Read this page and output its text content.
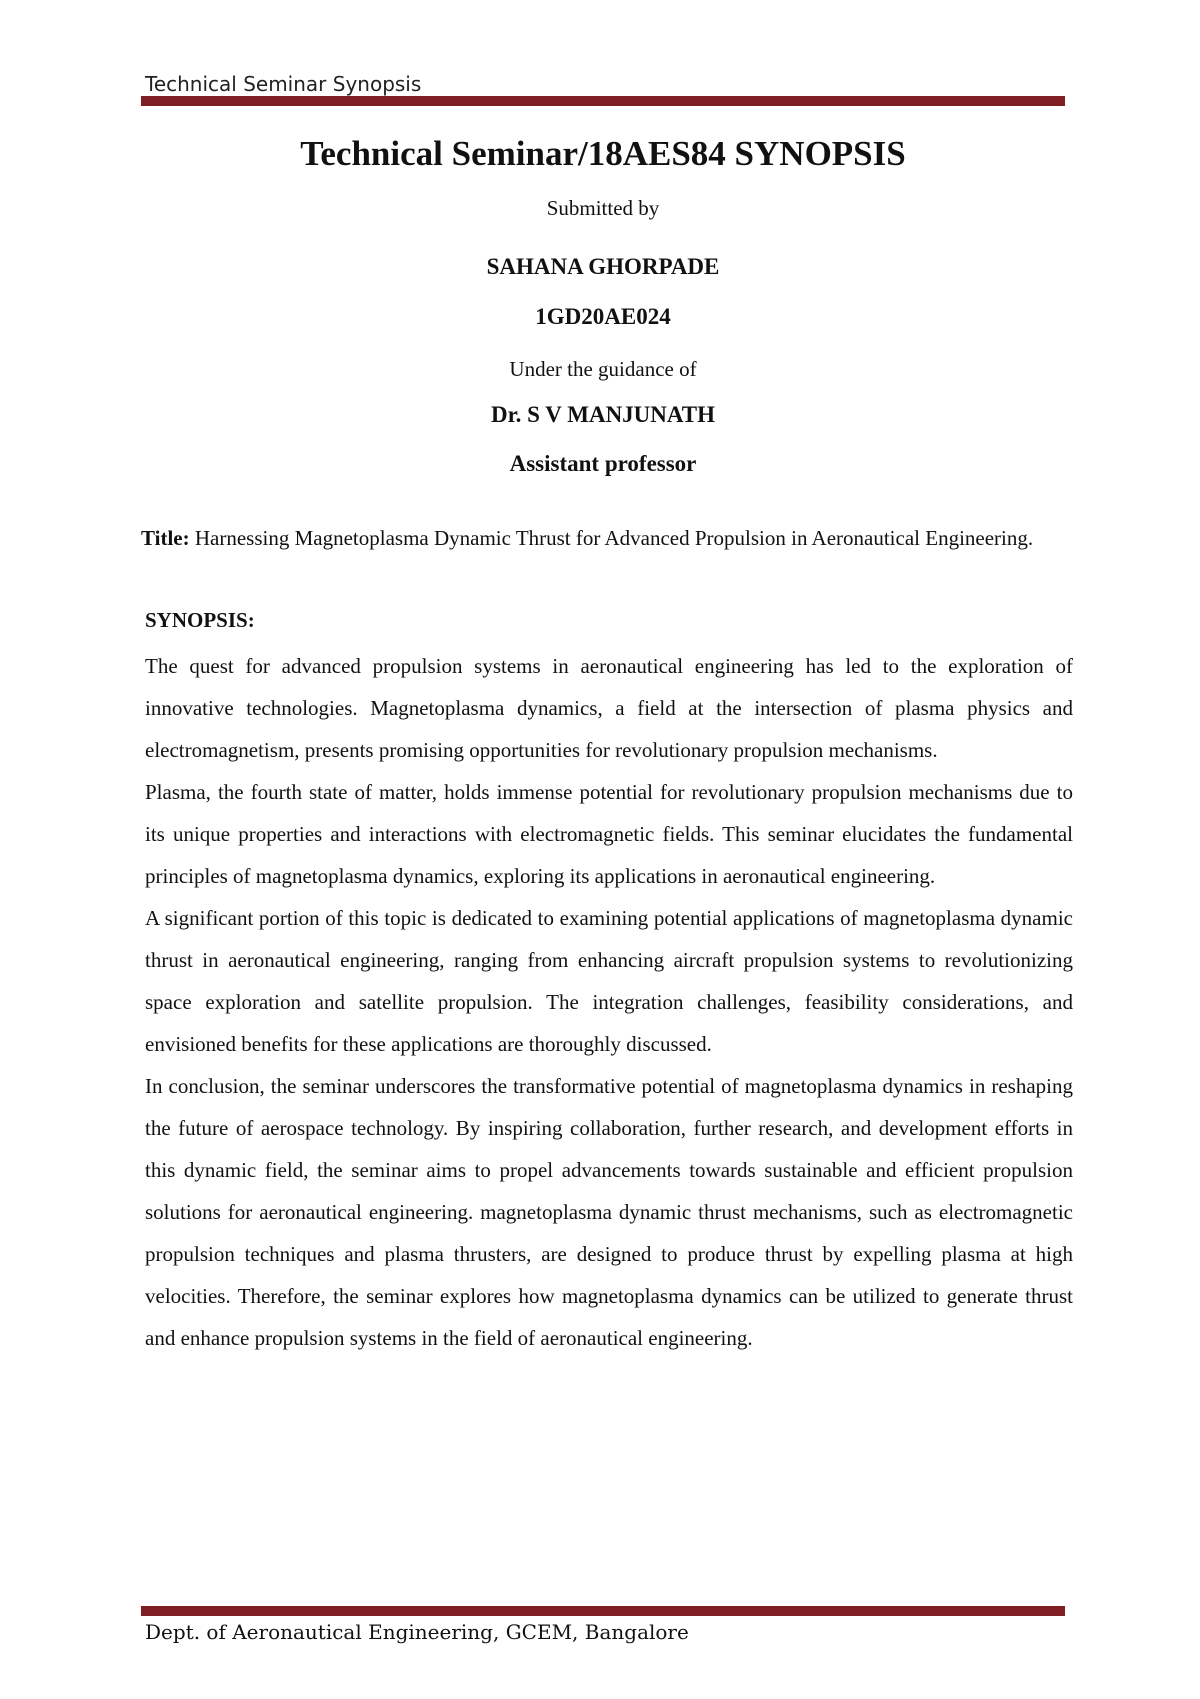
Technical Seminar Synopsis
Technical Seminar/18AES84 SYNOPSIS
Submitted by
SAHANA GHORPADE
1GD20AE024
Under the guidance of
Dr. S V MANJUNATH
Assistant professor
Title: Harnessing Magnetoplasma Dynamic Thrust for Advanced Propulsion in Aeronautical Engineering.
SYNOPSIS:

The quest for advanced propulsion systems in aeronautical engineering has led to the exploration of innovative technologies. Magnetoplasma dynamics, a field at the intersection of plasma physics and electromagnetism, presents promising opportunities for revolutionary propulsion mechanisms.

Plasma, the fourth state of matter, holds immense potential for revolutionary propulsion mechanisms due to its unique properties and interactions with electromagnetic fields. This seminar elucidates the fundamental principles of magnetoplasma dynamics, exploring its applications in aeronautical engineering.

A significant portion of this topic is dedicated to examining potential applications of magnetoplasma dynamic thrust in aeronautical engineering, ranging from enhancing aircraft propulsion systems to revolutionizing space exploration and satellite propulsion. The integration challenges, feasibility considerations, and envisioned benefits for these applications are thoroughly discussed.

In conclusion, the seminar underscores the transformative potential of magnetoplasma dynamics in reshaping the future of aerospace technology. By inspiring collaboration, further research, and development efforts in this dynamic field, the seminar aims to propel advancements towards sustainable and efficient propulsion solutions for aeronautical engineering. magnetoplasma dynamic thrust mechanisms, such as electromagnetic propulsion techniques and plasma thrusters, are designed to produce thrust by expelling plasma at high velocities. Therefore, the seminar explores how magnetoplasma dynamics can be utilized to generate thrust and enhance propulsion systems in the field of aeronautical engineering.

Dept. of Aeronautical Engineering, GCEM, Bangalore
